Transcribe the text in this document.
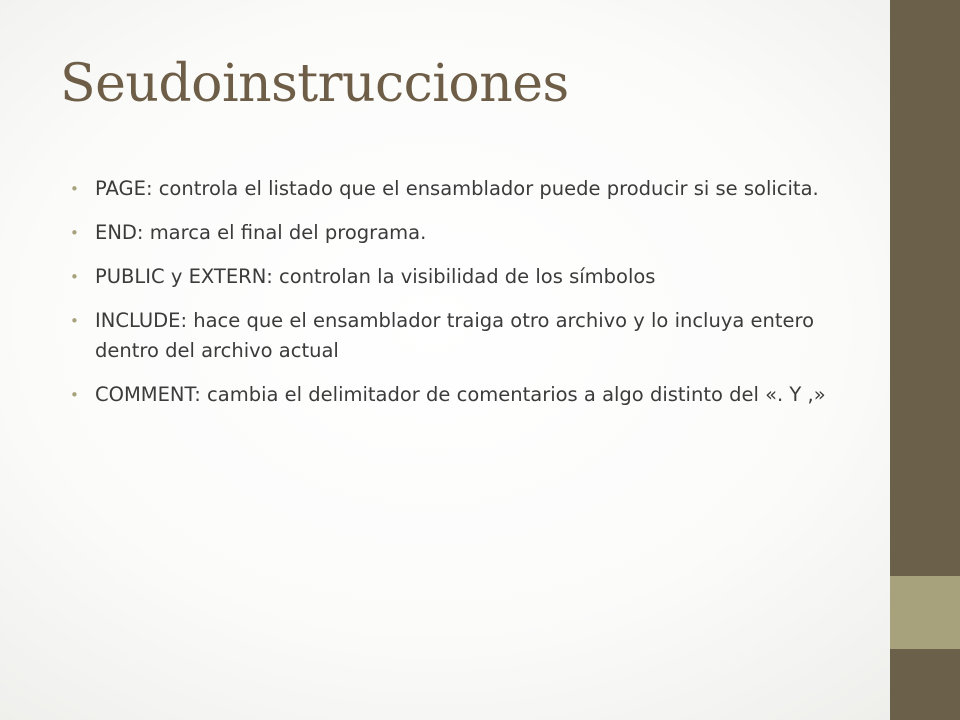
Seudoinstrucciones
• PAGE: controla el listado que el ensamblador puede producir si se solicita.
• END: marca el final del programa.
• PUBLIC y EXTERN: controlan la visibilidad de los símbolos
• INCLUDE: hace que el ensamblador traiga otro archivo y lo incluya entero dentro del archivo actual
• COMMENT: cambia el delimitador de comentarios a algo distinto del «. Y ,»
